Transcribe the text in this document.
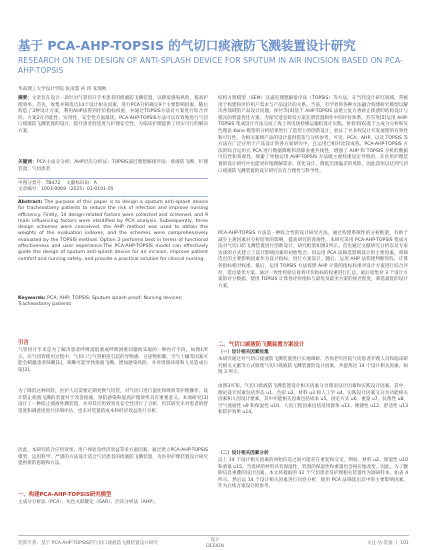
基于 PCA-AHP-TOPSIS 的气切口痰液防飞溅装置设计研究
RESEARCH ON THE DESIGN OF ANTI-SPLASH DEVICE FOR SPUTUM IN AIR INCISION BASED ON PCA-AHP-TOPSIS
华南理工大学设计学院 张雨慧 孙 玮 张瑞秋
摘要：文章旨在设计一款针对气管切开手术患者的痰液防飞溅装置，以降低感染风险，提高护理效率。首先，收集并筛选出14个设计相关因素，进行PCA分析确定9个主要影响因素，随后构造了3种设计方案，利用AHP法得到评价指标权重，并通过TOPSIS方法对方案进行综合评价，方案2在功能性、实用性、安全性方面最优。PCA-AHP-TOPSIS方法可以有效地进行气切口痰液防飞溅装置的设计，提升患者舒适度与护理安全性，为临床护理提供了切实可行的解决方案。
关键词：PCA主成分分析；AHP层次分析法；TOPSIS逼近理想解排序法；痰液防飞溅；护理装置；气切患者
中图分类号：TB472 文献标识码：A
文章编号：1003-0069（2025）03-0101-05
Abstract: The purpose of this paper is to design a sputum anti-splash device for tracheostomy patients to reduce the risk of infection and improve nursing efficiency. Firstly, 14 design-related factors were collected and screened, and 9 main influencing factors were identified by PCA analysis. Subsequently, three design schemes were conceived, the AHP method was used to obtain the weights of the evaluation indexes, and the schemes were comprehensively evaluated by the TOPSIS method. Option 2 performs best in terms of functional effectiveness and user experience.The PCA-AHP-TOPSIS model can effectively guide the design of sputum anti-splash device for air incision, improve patient comfort and nursing safety, and provide a practical solution for clinical nursing.
Keywords: PCA; AHP; TOPSIS; Sputum splash proof; Nursing devices; Tracheostomy patients
引言
气管切开手术是为了解决患者呼吸道阻塞或呼吸困难问题而采取的一种医疗手段，如图1所示。在气切管使用过程中，气切口与气管相连引起的异物感、分泌物积聚、空气干燥等因素可能会刺激患者咳嗽[1]，咳嗽可能导致痰液飞溅。增加感染风险，并对周围环境和人员造成污染[2]。
为了降低这种风险，医护人员需要定期更换气切管，对气切口进行湿化和吸痰等护理操作。设计防止痰液飞溅的装置对于改善痰液，预防感染和提高护理效率具有重要意义。本项研究[3]设计了一种防止痰液外溅装置，并对其应用效果及安全性进行了分析，但其研究未对患者的舒适度和满意度进行详细评估，也未对装置的成本和经济效益进行分析。
因此，本研究结合应用效果、用户体验及经济效益等多方面因素，通过建立PCA-AHP-TOPSIS模型，运用科学、严谨的方法设计适合气切患者的痰液防飞溅装置，为医用护理装置设计研究提供新的思路和方法。
一、构建PCA-AHP-TOPSIS研究模型
主成分分析法（PCA）、灰色关联键定（GAR）、层次分析法（AHP）、
结构方程模型（SEM）及逼近理想解排序法（TOPSIS）等方法，在当代设计研究领域，常被用于构建和评价用户需求与产品设计的关系。当前，有学者将各种方法融合构建研究模型以解决各领域的产品设计问题。侯付等[4]基于 AHP-TOPSIS 法建立复方香砂止痰泄的结构设计与模具的智能优化方案。为探究适宜研发方案在泄装置制作中的评价体系，苏雪英[5]运用 AHP-TOPSIS 集成设计方法完成了海上风电场检修运输机设计实践。侯春荣[6]基于主成分分析和灰色理论 Kano 模型的分析结果进行了造型上的创新设计，验证了并多权设计开发流程的有效性和可行性，为相关案例产品的设计提供借鉴与分析参考。可见，PCA、AHP、以及 TOPSIS 等方法在广泛应用于产品设计的各方面研究中，且运用已相对比较成熟。PCA-AHP-TOPSIS 方法的综合运用在 PCA 进行数据降维和消除多重共线性，增强了 AHP 和 TOPSIS 分析的数据可信性和客观性，规避了单独运用 AHP-TOPSIS 方法做主观权重设定导致的，在医用护理装置的设计研究中也能更好地理解需求、优化设计，降低出现偏差的风险，因此适用以达到气切口痰液防飞溅装置的设计研究具有合理性与科学性。
PCA-AHP-TOPSIS 方法是一种综合性的设计研究方法，通过构建系统性的分析框架，有助于减少主观因素对分析结果的影响，提高研究的客观性。本研究采用 PCA-AHP-TOPSIS 集成方法对气切口防飞溅装置进行创新设计，研究框架如图2所示。首先通过文献研究分析以及专家访谈的方式建立了设计影响因素的初始集合。再运用 PCA 法筛选影响设计的主要因素，将筛选出的主要影响因素作为设计指标，进行方案设计。随后，运用 AHP 法构建判断矩阵，计算各指标相对权重。最后，运用 TOPSIS 方法按照 AHP 计算的指标权重对设计方案进行综合评价，选出最优方案。通过一致性检验后再将评价指标的权重进行汇总。最后收集对 3 个设计方案的评分数据，使用 TOPSIS 计算各评价指标与最优及最劣方案的接近程度，筛选最优的设计方案。
二、气切口痰液防飞溅装置方案设计
（一）设计相关因素收集
本研究通过对气切口痰液防飞溅装置进行实地调研、咨询老年医院气切患者护理人员和临床研究相关文献等方式收集气切口痰液防飞溅装置的设计因素，共提炼出 14 个设计相关因素，如图 3 所示。
由图3可知，气切口痰液防飞溅装置设计相关因素分为理论设计因素和实践设计因素。其中，理论设计因素包括形态 u1、色彩 u2、材料 u3 和人工学 u4。实践设计因素又分为功能相关因素和人因设计要素，其中功能相关因素包括成本 u5、固定方式 u6、重量 u7、抗菌性 u8、空气流通性 u9 和保湿性 u10。人因工程因素包括适用群体 u11、便捷性 u12、舒适性 u13 和防护效果 u14。
（二）设计相关因素分析
以上 14 个设计相关因素的初始信息之间可能存在重复和交叉。例如，材料 u2、保湿性 u10 和重量 u15。当选择的材料具有保湿性，装置的保湿性和重量也会相应地改变。因此，为了删除信息重叠的设计因素，本文将提取的 31 个气切患者及护理相关装置作为调研样本，如表 4 所示。然后以 14 个设计相关因素进行问卷分析，使用 PCA 法筛选出其中的主要影响因素，作为后续方案设计的参考。
装饰专著：基于 PCA-AHP-TOPSIS的气切口痰液防飞溅装置设计研究
设计
DESIGN	关注·丛·装置 丨 101
